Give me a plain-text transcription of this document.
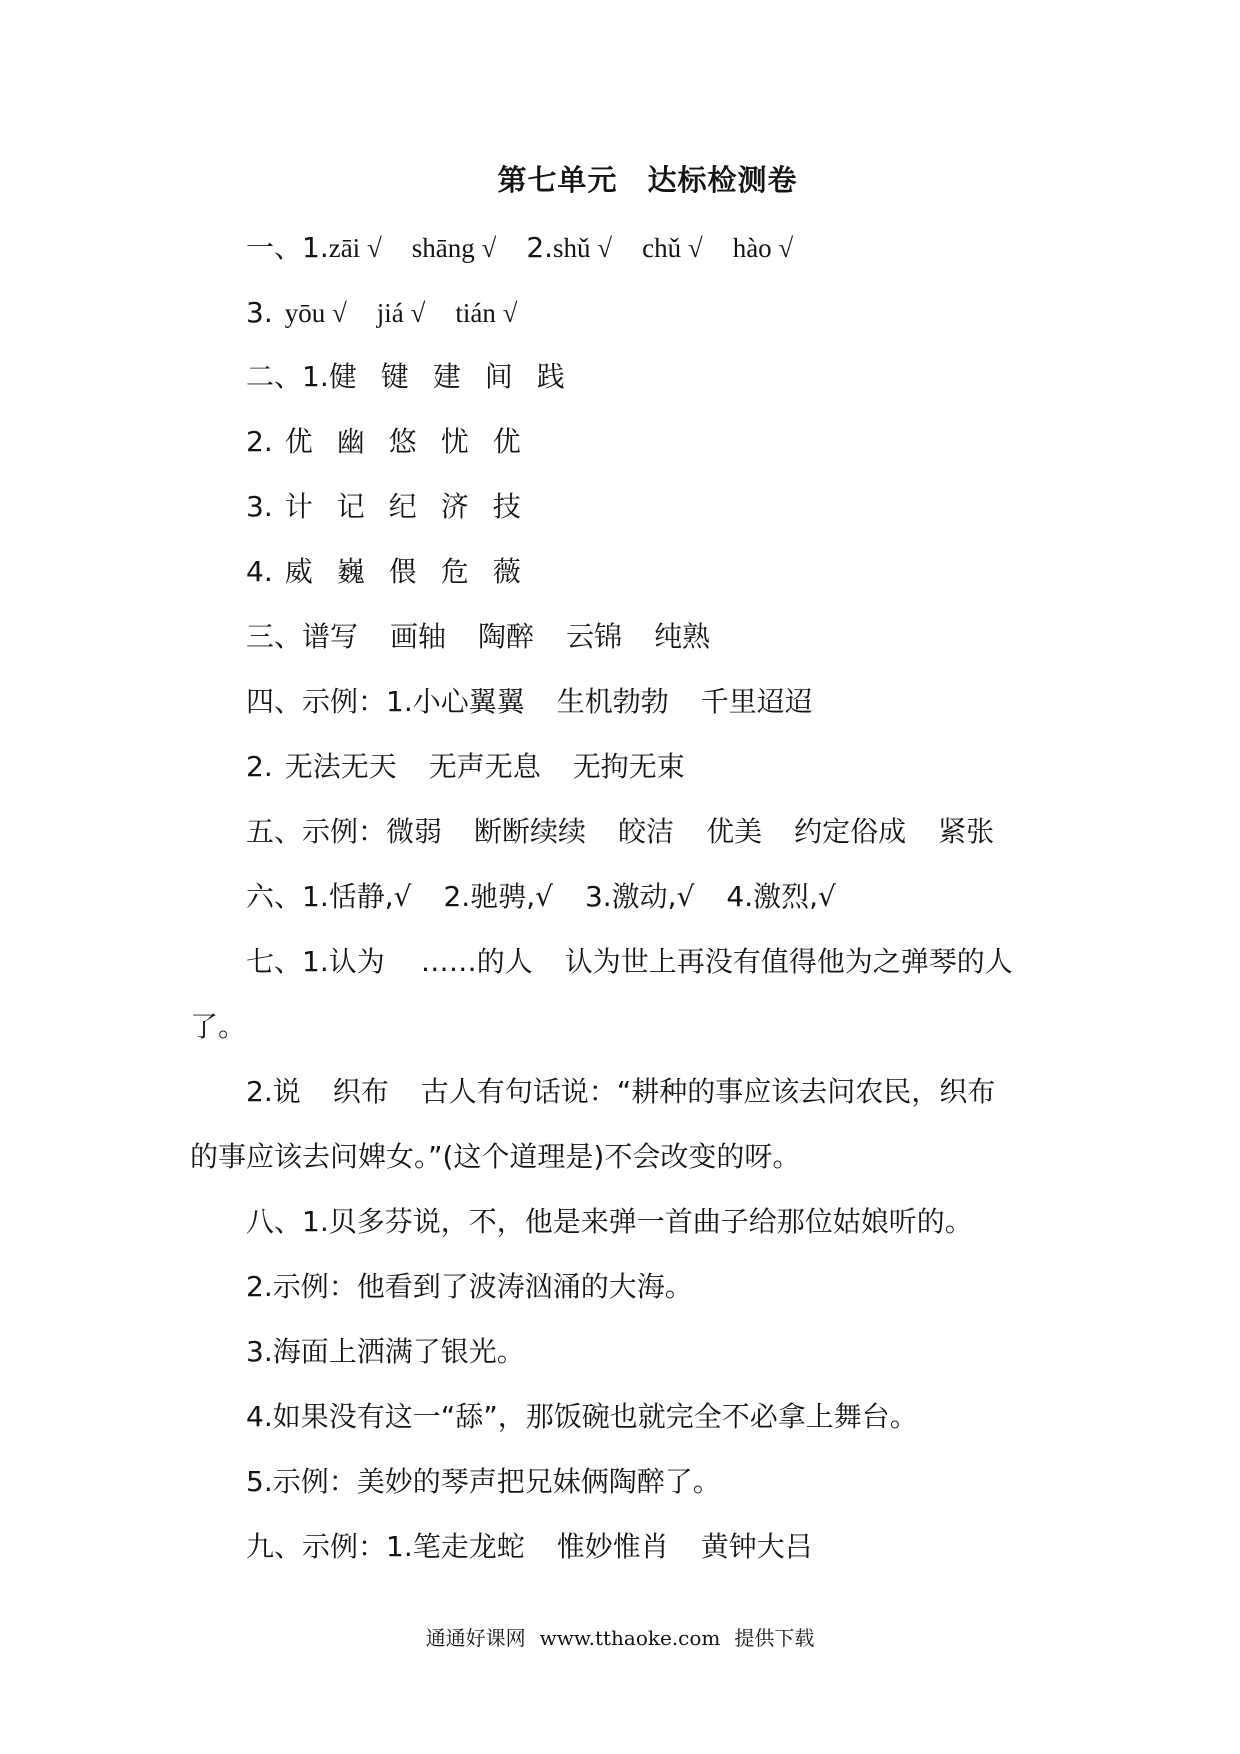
第七单元 达标检测卷
一、1.zāi √ shāng √ 2.shǔ √ chǔ √ hào √
3. yōu √ jiá √ tián √
二、1.健 键 建 间 践
2. 优 幽 悠 忧 优
3. 计 记 纪 济 技
4. 威 巍 偎 危 薇
三、谱写 画轴 陶醉 云锦 纯熟
四、示例：1.小心翼翼 生机勃勃 千里迢迢
2. 无法无天 无声无息 无拘无束
五、示例：微弱 断断续续 皎洁 优美 约定俗成 紧张
六、1.恬静,√ 2.驰骋,√ 3.激动,√ 4.激烈,√
七、1.认为 ……的人 认为世上再没有值得他为之弹琴的人
了。
2.说 织布 古人有句话说：“耕种的事应该去问农民，织布
的事应该去问婢女。”(这个道理是)不会改变的呀。
八、1.贝多芬说，不，他是来弹一首曲子给那位姑娘听的。
2.示例：他看到了波涛汹涌的大海。
3.海面上洒满了银光。
4.如果没有这一“舔”，那饭碗也就完全不必拿上舞台。
5.示例：美妙的琴声把兄妹俩陶醉了。
九、示例：1.笔走龙蛇 惟妙惟肖 黄钟大吕
通通好课网 www.tthaoke.com 提供下载
